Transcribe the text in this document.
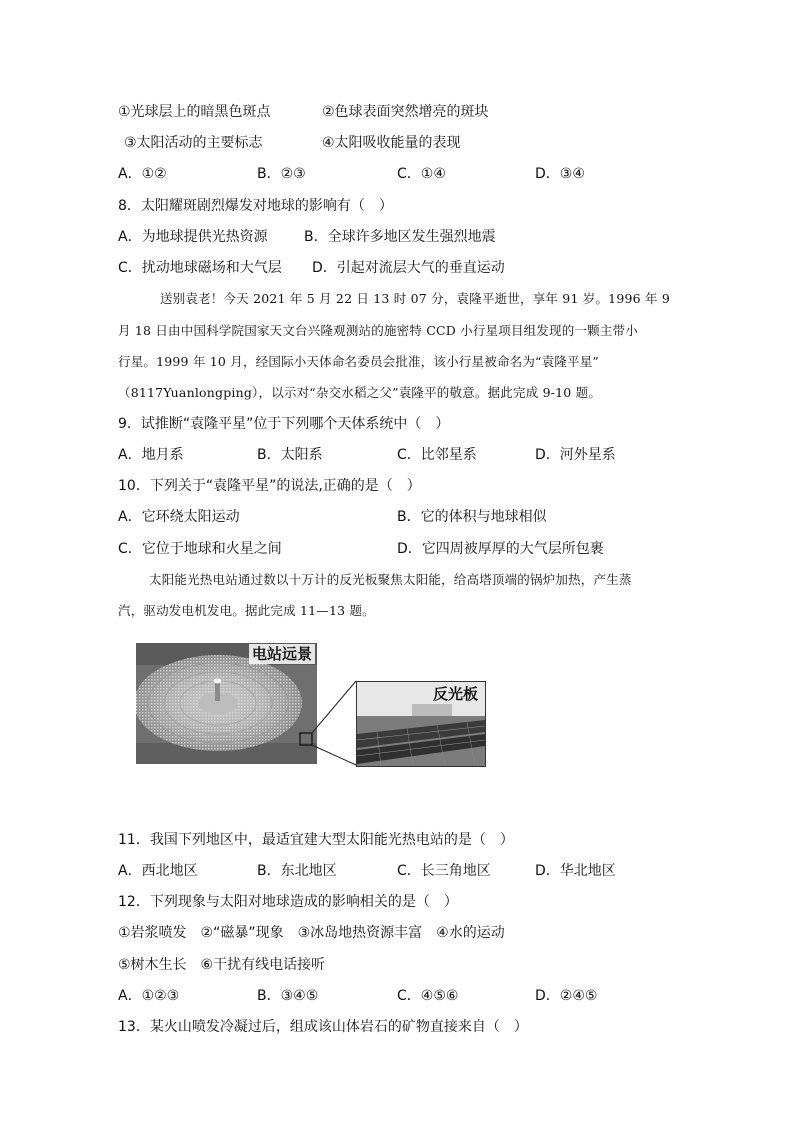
①光球层上的暗黑色斑点	②色球表面突然增亮的斑块
③太阳活动的主要标志	④太阳吸收能量的表现
A．①②	B．②③	C．①④	D．③④
8．太阳耀斑剧烈爆发对地球的影响有（　）
A．为地球提供光热资源	B．全球许多地区发生强烈地震
C．扰动地球磁场和大气层 D．引起对流层大气的垂直运动
送别袁老！今天 2021 年 5 月 22 日 13 时 07 分，袁隆平逝世，享年 91 岁。1996 年 9
月 18 日由中国科学院国家天文台兴隆观测站的施密特 CCD 小行星项目组发现的一颗主带小
行星。1999 年 10 月，经国际小天体命名委员会批准，该小行星被命名为“袁隆平星”
（8117Yuanlongping），以示对“杂交水稻之父”袁隆平的敬意。据此完成 9-10 题。
9．试推断“袁隆平星”位于下列哪个天体系统中（　）
A．地月系	B．太阳系	C．比邻星系	D．河外星系
10．下列关于“袁隆平星”的说法,正确的是（　）
A．它环绕太阳运动	B．它的体积与地球相似
C．它位于地球和火星之间	D．它四周被厚厚的大气层所包裹
太阳能光热电站通过数以十万计的反光板聚焦太阳能，给高塔顶端的锅炉加热，产生蒸
汽，驱动发电机发电。据此完成 11—13 题。
电站远景
反光板
11．我国下列地区中，最适宜建大型太阳能光热电站的是（　）
A．西北地区	B．东北地区	C．长三角地区	D．华北地区
12．下列现象与太阳对地球造成的影响相关的是（　）
①岩浆喷发　②“磁暴”现象　③冰岛地热资源丰富　④水的运动
⑤树木生长　⑥干扰有线电话接听
A．①②③	B．③④⑤	C．④⑤⑥	D．②④⑤
13．某火山喷发冷凝过后，组成该山体岩石的矿物直接来自（　）
